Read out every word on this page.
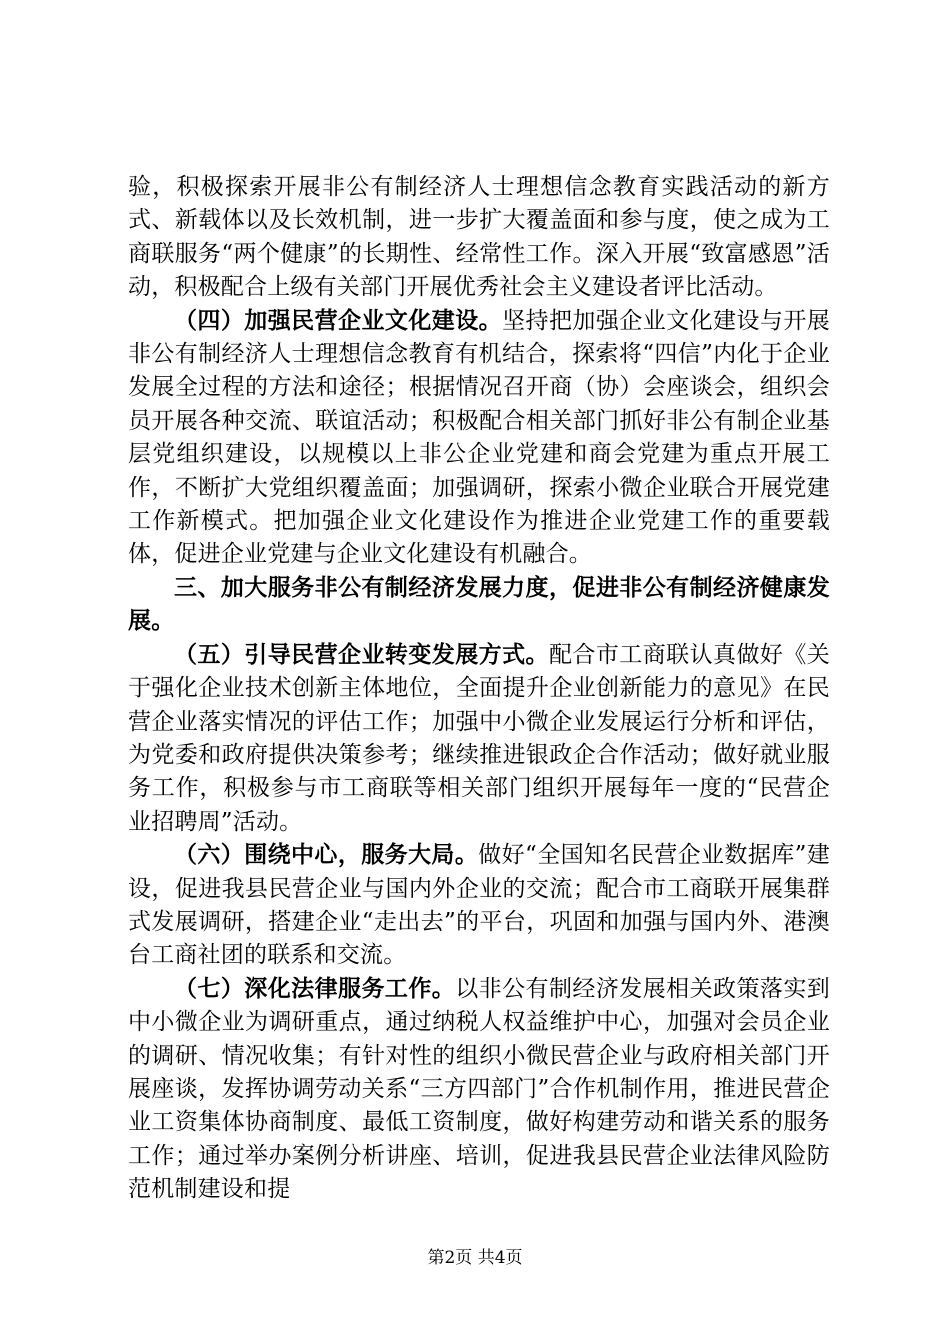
验，积极探索开展非公有制经济人士理想信念教育实践活动的新方式、新载体以及长效机制，进一步扩大覆盖面和参与度，使之成为工商联服务“两个健康”的长期性、经常性工作。深入开展“致富感恩”活动，积极配合上级有关部门开展优秀社会主义建设者评比活动。

（四）加强民营企业文化建设。坚持把加强企业文化建设与开展非公有制经济人士理想信念教育有机结合，探索将“四信”内化于企业发展全过程的方法和途径；根据情况召开商（协）会座谈会，组织会员开展各种交流、联谊活动；积极配合相关部门抓好非公有制企业基层党组织建设，以规模以上非公企业党建和商会党建为重点开展工作，不断扩大党组织覆盖面；加强调研，探索小微企业联合开展党建工作新模式。把加强企业文化建设作为推进企业党建工作的重要载体，促进企业党建与企业文化建设有机融合。

三、加大服务非公有制经济发展力度，促进非公有制经济健康发展。

（五）引导民营企业转变发展方式。配合市工商联认真做好《关于强化企业技术创新主体地位，全面提升企业创新能力的意见》在民营企业落实情况的评估工作；加强中小微企业发展运行分析和评估，为党委和政府提供决策参考；继续推进银政企合作活动；做好就业服务工作，积极参与市工商联等相关部门组织开展每年一度的“民营企业招聘周”活动。

（六）围绕中心，服务大局。做好“全国知名民营企业数据库”建设，促进我县民营企业与国内外企业的交流；配合市工商联开展集群式发展调研，搭建企业“走出去”的平台，巩固和加强与国内外、港澳台工商社团的联系和交流。

（七）深化法律服务工作。以非公有制经济发展相关政策落实到中小微企业为调研重点，通过纳税人权益维护中心，加强对会员企业的调研、情况收集；有针对性的组织小微民营企业与政府相关部门开展座谈，发挥协调劳动关系“三方四部门”合作机制作用，推进民营企业工资集体协商制度、最低工资制度，做好构建劳动和谐关系的服务工作；通过举办案例分析讲座、培训，促进我县民营企业法律风险防范机制建设和提

第2页 共4页
